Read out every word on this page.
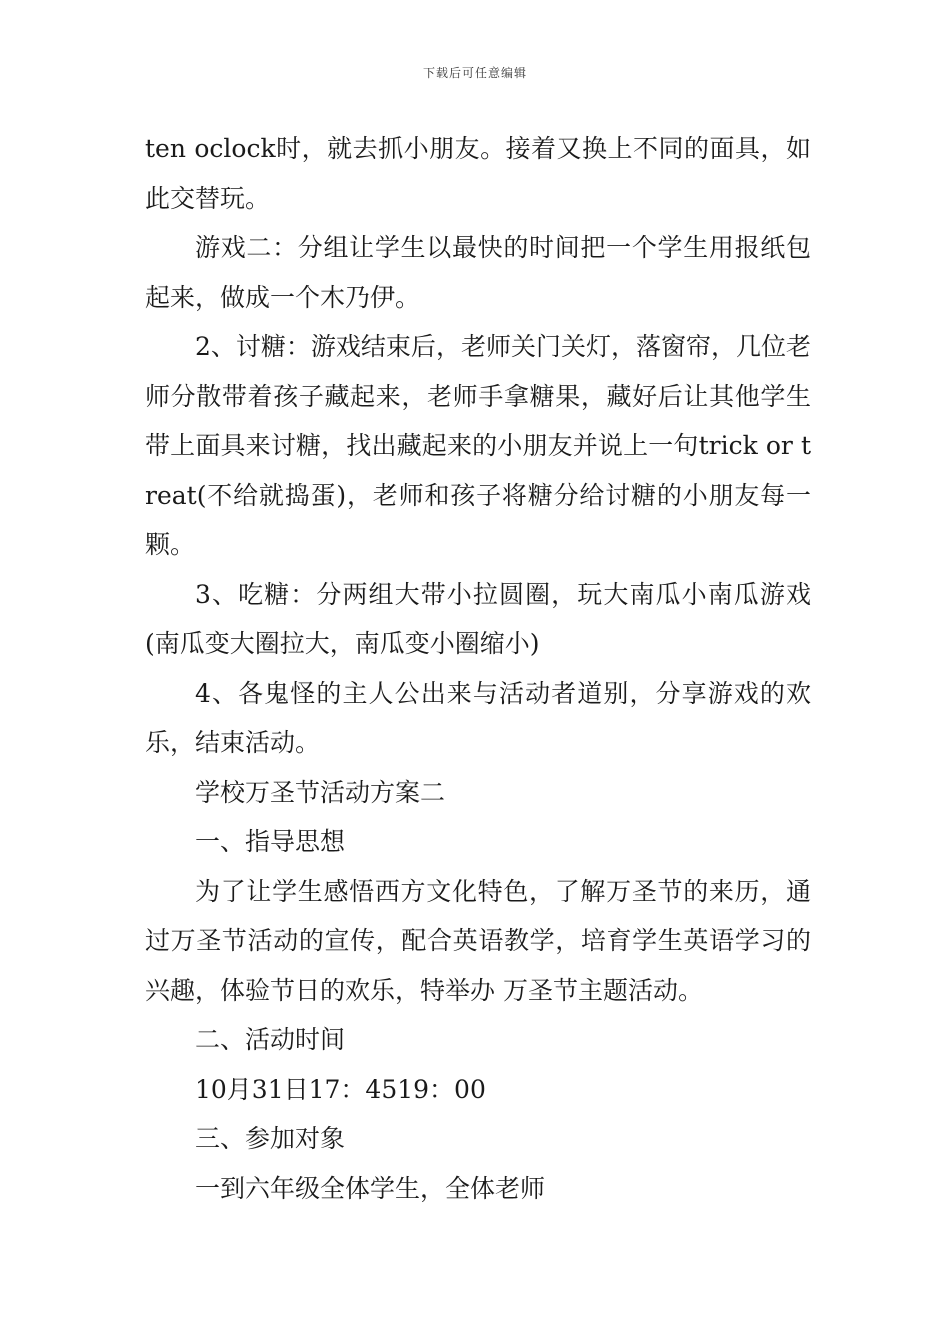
下载后可任意编辑

ten oclock时，就去抓小朋友。接着又换上不同的面具，如此交替玩。

游戏二：分组让学生以最快的时间把一个学生用报纸包起来，做成一个木乃伊。

2、讨糖：游戏结束后，老师关门关灯，落窗帘，几位老师分散带着孩子藏起来，老师手拿糖果，藏好后让其他学生带上面具来讨糖，找出藏起来的小朋友并说上一句trick or treat(不给就捣蛋)，老师和孩子将糖分给讨糖的小朋友每一颗。

3、吃糖：分两组大带小拉圆圈，玩大南瓜小南瓜游戏(南瓜变大圈拉大，南瓜变小圈缩小)

4、各鬼怪的主人公出来与活动者道别，分享游戏的欢乐，结束活动。

学校万圣节活动方案二

一、指导思想

为了让学生感悟西方文化特色，了解万圣节的来历，通过万圣节活动的宣传，配合英语教学，培育学生英语学习的兴趣，体验节日的欢乐，特举办 万圣节主题活动。

二、活动时间

10月31日17：4519：00

三、参加对象

一到六年级全体学生，全体老师
